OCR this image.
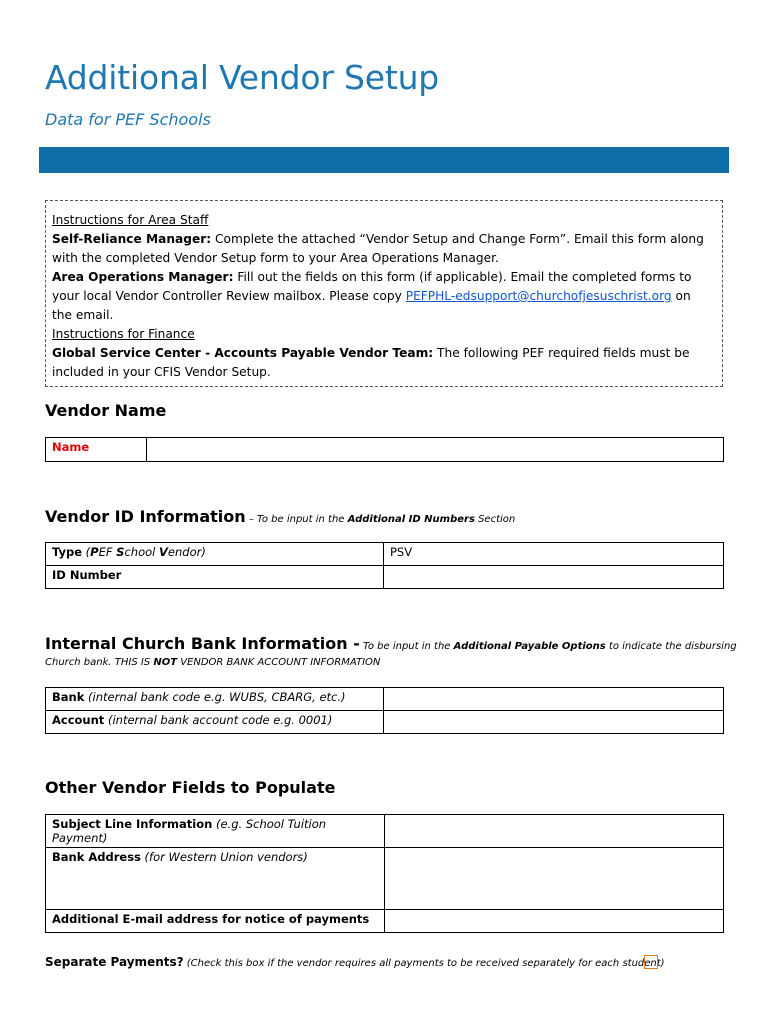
Additional Vendor Setup
Data for PEF Schools

Instructions for Area Staff

Self-Reliance Manager: Complete the attached “Vendor Setup and Change Form”. Email this form along with the completed Vendor Setup form to your Area Operations Manager.

Area Operations Manager: Fill out the fields on this form (if applicable). Email the completed forms to your local Vendor Controller Review mailbox. Please copy PEFPHL-edsupport@churchofjesuschrist.org on the email.

Instructions for Finance

Global Service Center - Accounts Payable Vendor Team: The following PEF required fields must be included in your CFIS Vendor Setup.

Vendor Name
Name	
Vendor ID Information – To be input in the Additional ID Numbers Section
Type (PEF School Vendor)	PSV
ID Number	
Internal Church Bank Information - To be input in the Additional Payable Options to indicate the disbursing
Church bank. THIS IS NOT VENDOR BANK ACCOUNT INFORMATION
Bank (internal bank code e.g. WUBS, CBARG, etc.)	
Account (internal bank account code e.g. 0001)	
Other Vendor Fields to Populate
Subject Line Information (e.g. School Tuition Payment)	
Bank Address (for Western Union vendors)	
Additional E-mail address for notice of payments	
Separate Payments? (Check this box if the vendor requires all payments to be received separately for each student)
